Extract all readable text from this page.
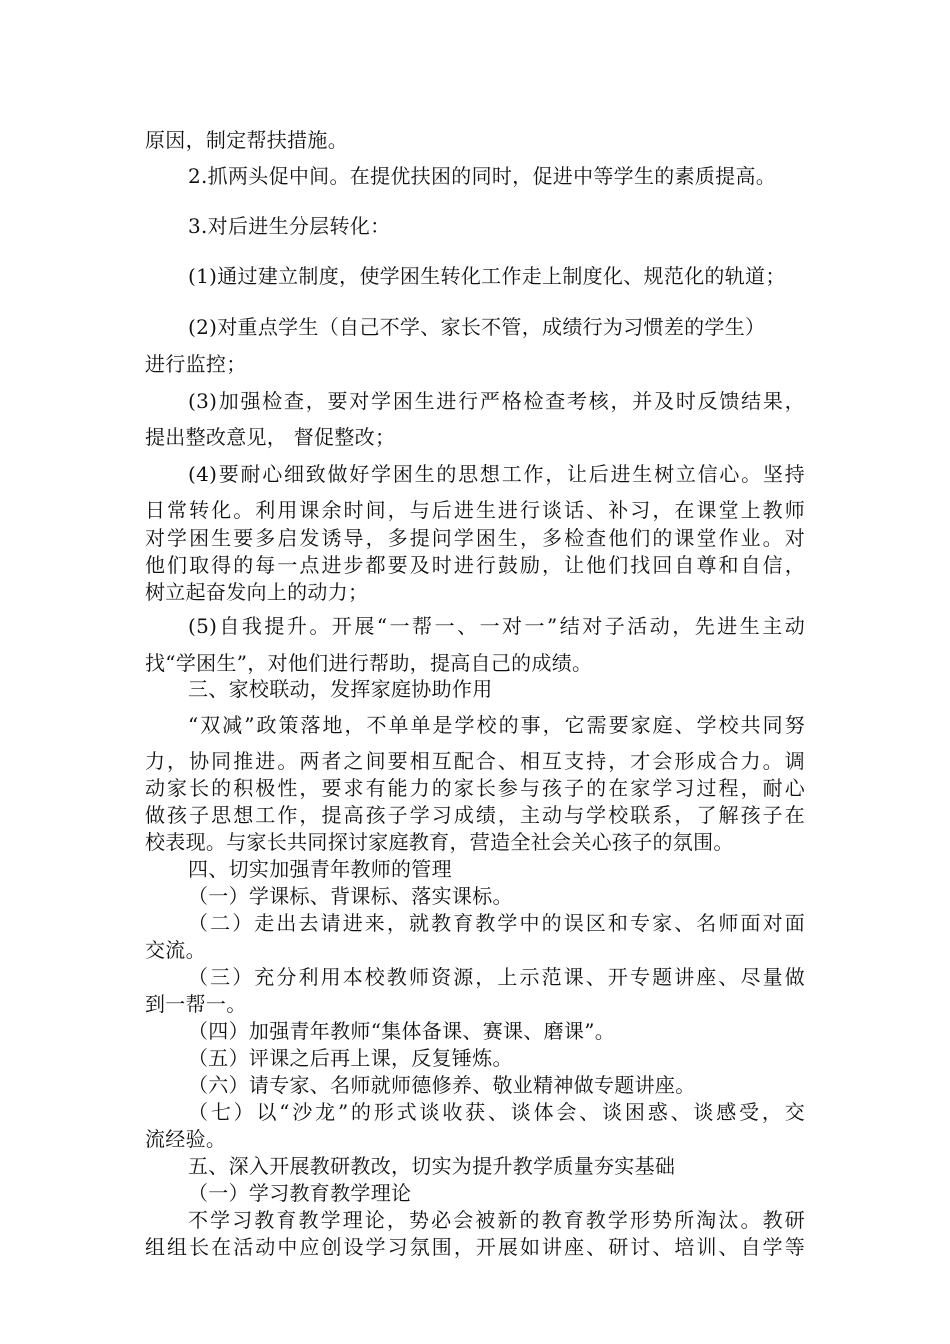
原因，制定帮扶措施。
2.抓两头促中间。在提优扶困的同时，促进中等学生的素质提高。
3.对后进生分层转化：
(1)通过建立制度，使学困生转化工作走上制度化、规范化的轨道；
(2)对重点学生（自己不学、家长不管，成绩行为习惯差的学生）
进行监控；
(3)加强检查，要对学困生进行严格检查考核，并及时反馈结果，
提出整改意见， 督促整改；
(4)要耐心细致做好学困生的思想工作，让后进生树立信心。坚持
日常转化。利用课余时间，与后进生进行谈话、补习，在课堂上教师
对学困生要多启发诱导，多提问学困生，多检查他们的课堂作业。对
他们取得的每一点进步都要及时进行鼓励，让他们找回自尊和自信，
树立起奋发向上的动力；
(5)自我提升。开展“一帮一、一对一”结对子活动，先进生主动
找“学困生”，对他们进行帮助，提高自己的成绩。
三、家校联动，发挥家庭协助作用
“双减”政策落地，不单单是学校的事，它需要家庭、学校共同努
力，协同推进。两者之间要相互配合、相互支持，才会形成合力。调
动家长的积极性，要求有能力的家长参与孩子的在家学习过程，耐心
做孩子思想工作，提高孩子学习成绩，主动与学校联系，了解孩子在
校表现。与家长共同探讨家庭教育，营造全社会关心孩子的氛围。
四、切实加强青年教师的管理
（一）学课标、背课标、落实课标。
（二）走出去请进来，就教育教学中的误区和专家、名师面对面
交流。
（三）充分利用本校教师资源，上示范课、开专题讲座、尽量做
到一帮一。
（四）加强青年教师“集体备课、赛课、磨课”。
（五）评课之后再上课，反复锤炼。
（六）请专家、名师就师德修养、敬业精神做专题讲座。
（七）以“沙龙”的形式谈收获、谈体会、谈困惑、谈感受，交
流经验。
五、深入开展教研教改，切实为提升教学质量夯实基础
（一）学习教育教学理论
不学习教育教学理论，势必会被新的教育教学形势所淘汰。教研
组组长在活动中应创设学习氛围，开展如讲座、研讨、培训、自学等
